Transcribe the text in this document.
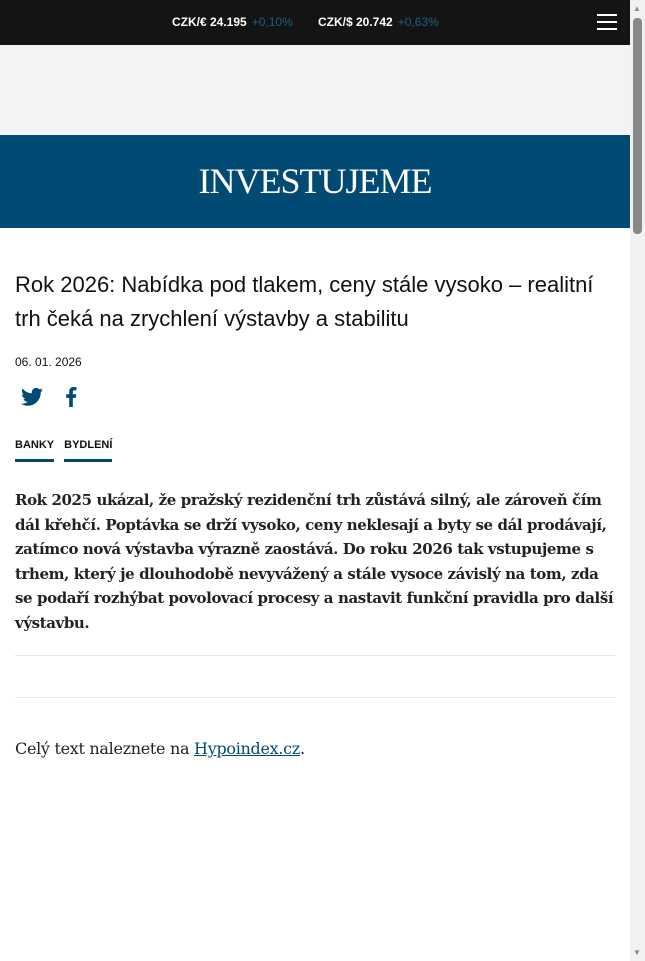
CZK/€ 24.195 +0,10% CZK/$ 20.742 +0,63%
INVESTUJEME
Rok 2026: Nabídka pod tlakem, ceny stále vysoko – realitní trh čeká na zrychlení výstavby a stabilitu
06. 01. 2026
BANKY BYDLENÍ

Rok 2025 ukázal, že pražský rezidenční trh zůstává silný, ale zároveň čím dál křehčí. Poptávka se drží vysoko, ceny neklesají a byty se dál prodávají, zatímco nová výstavba výrazně zaostává. Do roku 2026 tak vstupujeme s trhem, který je dlouhodobě nevyvážený a stále vysoce závislý na tom, zda se podaří rozhýbat povolovací procesy a nastavit funkční pravidla pro další výstavbu.

Celý text naleznete na Hypoindex.cz.

▲
▼
